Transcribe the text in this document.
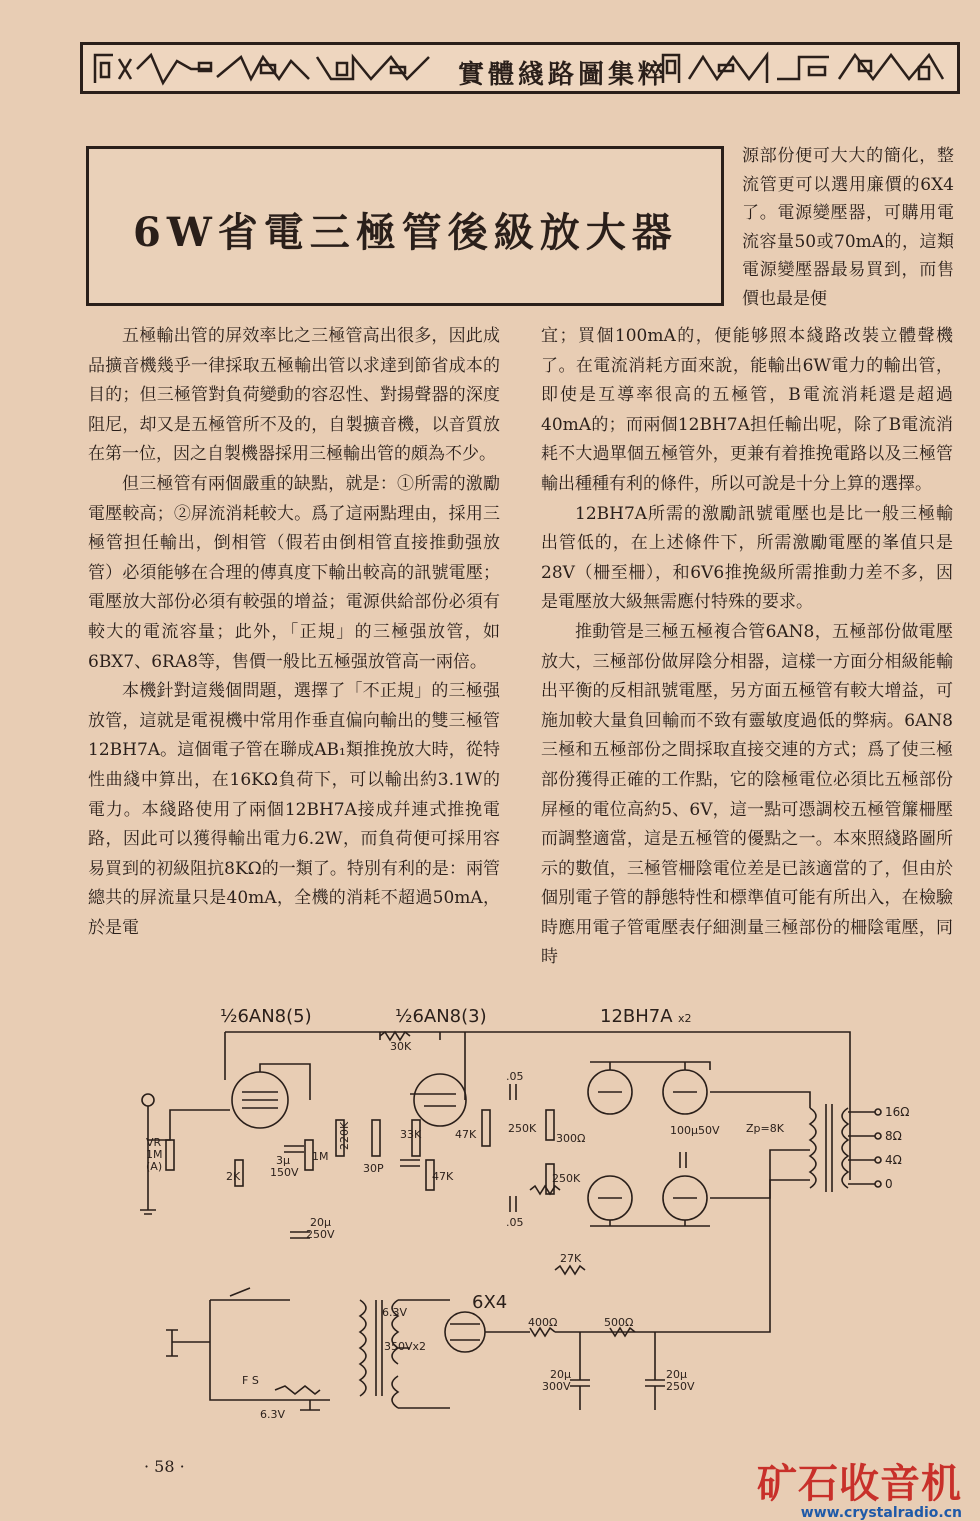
實體綫路圖集粹
6W省電三極管後級放大器

源部份便可大大的簡化，整流管更可以選用廉價的6X4了。電源變壓器，可購用電流容量50或70mA的，這類電源變壓器最易買到，而售價也最是便

五極輸出管的屏效率比之三極管高出很多，因此成品擴音機幾乎一律採取五極輸出管以求達到節省成本的目的；但三極管對負荷變動的容忍性、對揚聲器的深度阻尼，却又是五極管所不及的，自製擴音機，以音質放在第一位，因之自製機器採用三極輸出管的頗為不少。

但三極管有兩個嚴重的缺點，就是：①所需的激勵電壓較高；②屏流消耗較大。爲了這兩點理由，採用三極管担任輸出，倒相管（假若由倒相管直接推動强放管）必須能够在合理的傳真度下輸出較高的訊號電壓；電壓放大部份必須有較强的增益；電源供給部份必須有較大的電流容量；此外，「正規」的三極强放管，如6BX7、6RA8等，售價一般比五極强放管高一兩倍。

本機針對這幾個問題，選擇了「不正規」的三極强放管，這就是電視機中常用作垂直偏向輸出的雙三極管12BH7A。這個電子管在聯成AB₁類推挽放大時，從特性曲綫中算出，在16KΩ負荷下，可以輸出約3.1W的電力。本綫路使用了兩個12BH7A接成幷連式推挽電路，因此可以獲得輸出電力6.2W，而負荷便可採用容易買到的初級阻抗8KΩ的一類了。特別有利的是：兩管總共的屏流量只是40mA，全機的消耗不超過50mA，於是電

宜；買個100mA的，便能够照本綫路改裝立體聲機了。在電流消耗方面來說，能輸出6W電力的輸出管，即使是互導率很高的五極管，B電流消耗還是超過40mA的；而兩個12BH7A担任輸出呢，除了B電流消耗不大過單個五極管外，更兼有着推挽電路以及三極管輸出種種有利的條件，所以可說是十分上算的選擇。

12BH7A所需的激勵訊號電壓也是比一般三極輸出管低的，在上述條件下，所需激勵電壓的峯值只是28V（柵至柵），和6V6推挽級所需推動力差不多，因是電壓放大級無需應付特殊的要求。

推動管是三極五極複合管6AN8，五極部份做電壓放大，三極部份做屏陰分相器，這樣一方面分相級能輸出平衡的反相訊號電壓，另方面五極管有較大增益，可施加較大量負回輸而不致有靈敏度過低的弊病。6AN8三極和五極部份之間採取直接交連的方式；爲了使三極部份獲得正確的工作點，它的陰極電位必須比五極部份屏極的電位高約5、6V，這一點可憑調校五極管簾柵壓而調整適當，這是五極管的優點之一。本來照綫路圖所示的數值，三極管柵陰電位差是已該適當的了，但由於個別電子管的靜態特性和標準值可能有所出入，在檢驗時應用電子管電壓表仔細測量三極部份的柵陰電壓，同時

½6AN8(5)	½6AN8(3)	12BH7A x2
30K
220K	33K	47K
47K
30P
.05
.05
250K
250K
300Ω
100μ50V Zp=8K
16Ω
8Ω
4Ω
0
VR
1M
(A)
2K
3μ
150V
1M
20μ
250V
27K
6.3V
350Vx2
F S
6.3V
6X4
400Ω	500Ω
20μ
300V
20μ
250V
· 58 ·	矿石收音机
www.crystalradio.cn
